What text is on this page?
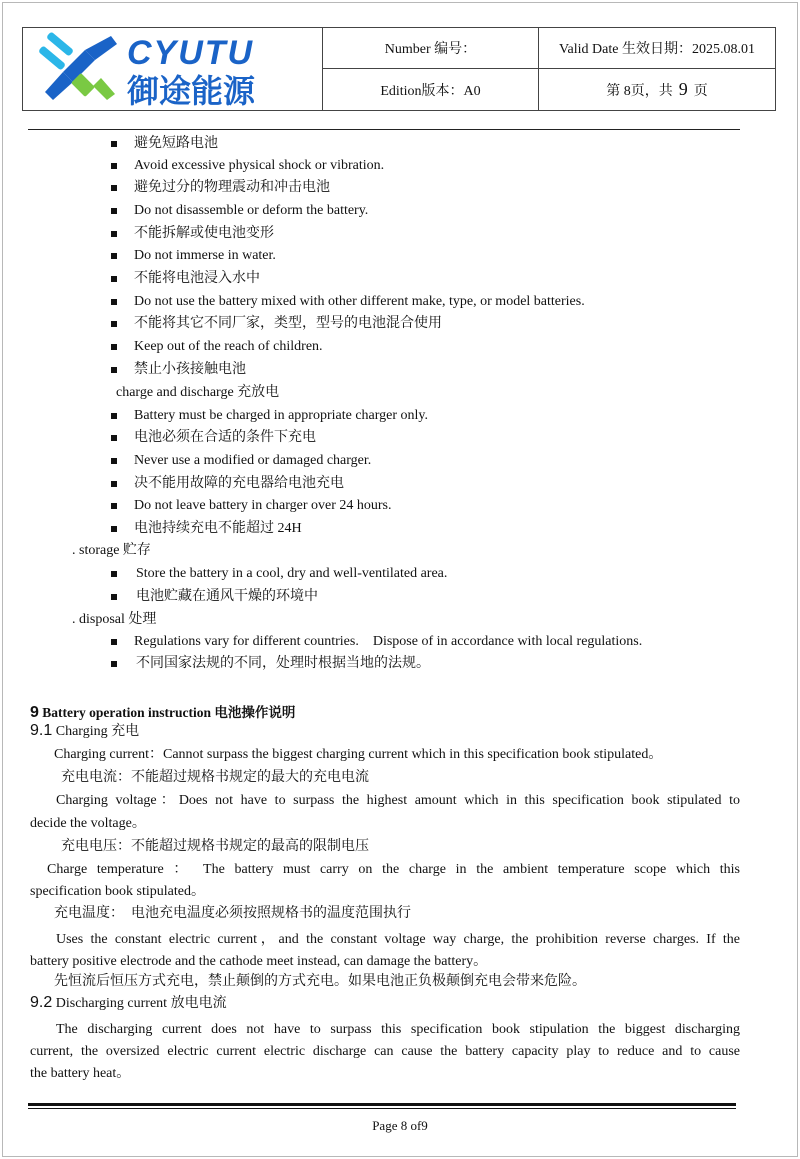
CYUTU
御途能源
Number 编号：	Valid Date 生效日期：2025.08.01
Edition版本：A0	第 8页，共 9 页
避免短路电池
Avoid excessive physical shock or vibration.
避免过分的物理震动和冲击电池
Do not disassemble or deform the battery.
不能拆解或使电池变形
Do not immerse in water.
不能将电池浸入水中
Do not use the battery mixed with other different make, type, or model batteries.
不能将其它不同厂家，类型，型号的电池混合使用
Keep out of the reach of children.
禁止小孩接触电池
charge and discharge 充放电
Battery must be charged in appropriate charger only.
电池必须在合适的条件下充电
Never use a modified or damaged charger.
决不能用故障的充电器给电池充电
Do not leave battery in charger over 24 hours.
电池持续充电不能超过 24H
. storage 贮存
Store the battery in a cool, dry and well-ventilated area.
电池贮藏在通风干燥的环境中
. disposal 处理
Regulations vary for different countries.    Dispose of in accordance with local regulations.
不同国家法规的不同，处理时根据当地的法规。
9 Battery operation instruction 电池操作说明
9.1 Charging 充电
Charging current：Cannot surpass the biggest charging current which in this specification book stipulated。
充电电流：不能超过规格书规定的最大的充电电流
Charging voltage：Does not have to surpass the highest amount which in this specification book stipulated to
decide the voltage。
充电电压：不能超过规格书规定的最高的限制电压
Charge temperature ： The battery must carry on the charge in the ambient temperature scope which this
specification book stipulated。
充电温度：  电池充电温度必须按照规格书的温度范围执行
Uses the constant electric current，and the constant voltage way charge, the prohibition reverse charges. If the
battery positive electrode and the cathode meet instead, can damage the battery。
先恒流后恒压方式充电，禁止颠倒的方式充电。如果电池正负极颠倒充电会带来危险。
9.2 Discharging current 放电电流
The discharging current does not have to surpass this specification book stipulation the biggest discharging
current, the oversized electric current electric discharge can cause the battery capacity play to reduce and to cause
the battery heat。
Page 8 of9
